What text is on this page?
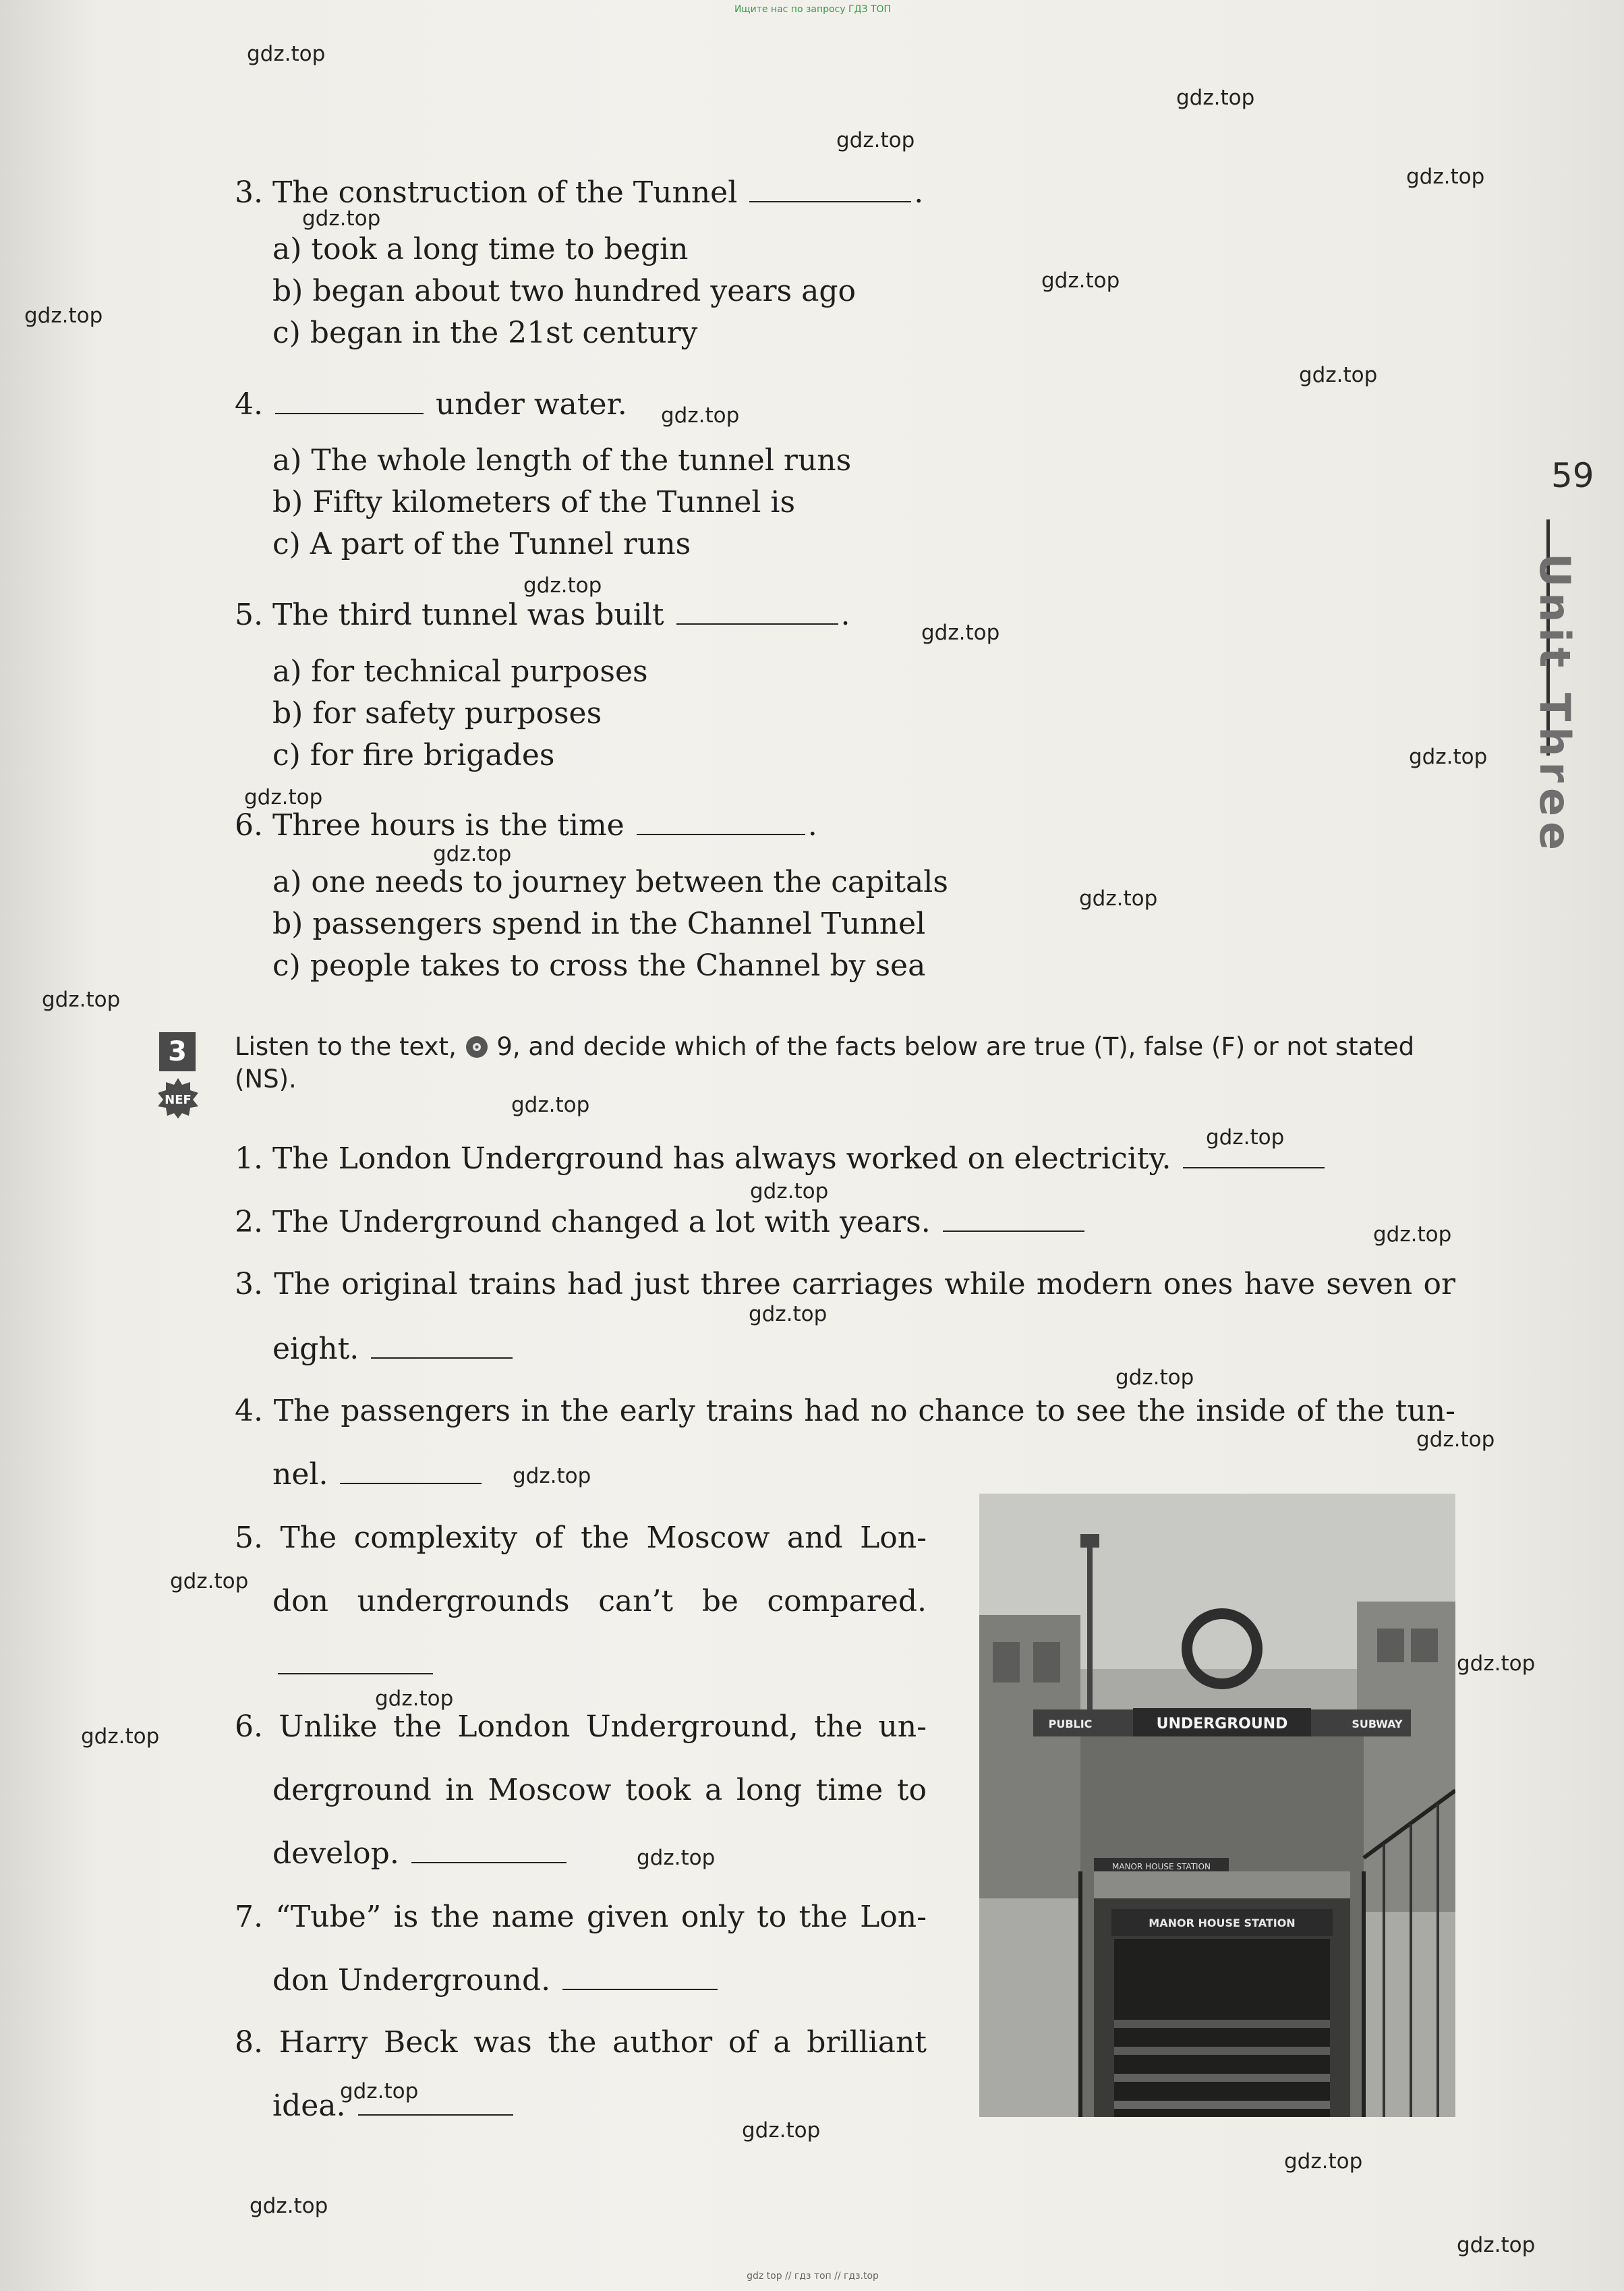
Ищите нас по запросу ГДЗ ТОП
gdz top // гдз топ // гдз.top
gdz.top
gdz.top
gdz.top
gdz.top
gdz.top
gdz.top
gdz.top
gdz.top
gdz.top
gdz.top
gdz.top
gdz.top
gdz.top
gdz.top
gdz.top
gdz.top
gdz.top
gdz.top
gdz.top
gdz.top
gdz.top
gdz.top
gdz.top
gdz.top
gdz.top
gdz.top
gdz.top
gdz.top
gdz.top
gdz.top
gdz.top
gdz.top
gdz.top
gdz.top
59
Unit Three
3. The construction of the Tunnel	.
a) took a long time to begin
b) began about two hundred years ago
c) began in the 21st century
4.	under water.
a) The whole length of the tunnel runs
b) Fifty kilometers of the Tunnel is
c) A part of the Tunnel runs
5. The third tunnel was built	.
a) for technical purposes
b) for safety purposes
c) for fire brigades
6. Three hours is the time	.
a) one needs to journey between the capitals
b) passengers spend in the Channel Tunnel
c) people takes to cross the Channel by sea
3
NEF
Listen to the text, 9, and decide which of the facts below are true (T), false (F) or not stated (NS).
1. The London Underground has always worked on electricity.
2. The Underground changed a lot with years.
3. The original trains had just three carriages while modern ones have seven or
eight.
4. The passengers in the early trains had no chance to see the inside of the tun-
nel.
5. The complexity of the Moscow and Lon-
don undergrounds can’t be compared.
6. Unlike the London Underground, the un-
derground in Moscow took a long time to
develop.
7. “Tube” is the name given only to the Lon-
don Underground.
8. Harry Beck was the author of a brilliant
idea.
PUBLIC	SUBWAY
UNDERGROUND
MANOR HOUSE STATION
MANOR HOUSE STATION
